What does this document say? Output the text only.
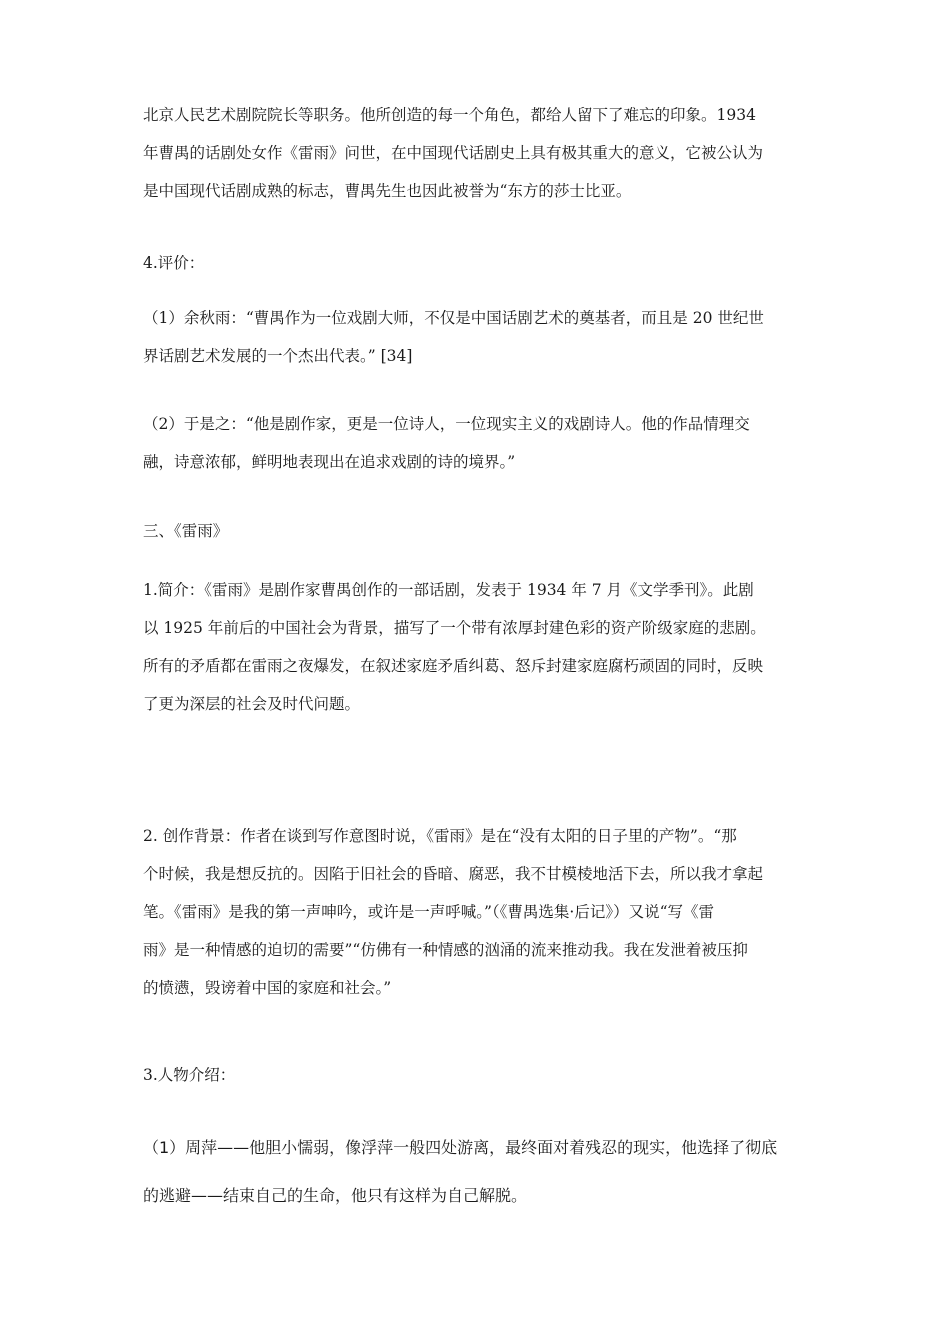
北京人民艺术剧院院长等职务。他所创造的每一个角色，都给人留下了难忘的印象。1934
年曹禺的话剧处女作《雷雨》问世，在中国现代话剧史上具有极其重大的意义，它被公认为
是中国现代话剧成熟的标志，曹禺先生也因此被誉为“东方的莎士比亚。

4.评价：

（1）余秋雨：“曹禺作为一位戏剧大师，不仅是中国话剧艺术的奠基者，而且是 20 世纪世
界话剧艺术发展的一个杰出代表。” [34]

（2）于是之：“他是剧作家，更是一位诗人，一位现实主义的戏剧诗人。他的作品情理交
融，诗意浓郁，鲜明地表现出在追求戏剧的诗的境界。”

三、《雷雨》

1.简介：《雷雨》是剧作家曹禺创作的一部话剧，发表于 1934 年 7 月《文学季刊》。此剧
以 1925 年前后的中国社会为背景，描写了一个带有浓厚封建色彩的资产阶级家庭的悲剧。
所有的矛盾都在雷雨之夜爆发，在叙述家庭矛盾纠葛、怒斥封建家庭腐朽顽固的同时，反映
了更为深层的社会及时代问题。

2. 创作背景：作者在谈到写作意图时说，《雷雨》是在“没有太阳的日子里的产物”。“那
个时候，我是想反抗的。因陷于旧社会的昏暗、腐恶，我不甘模棱地活下去，所以我才拿起
笔。《雷雨》是我的第一声呻吟，或许是一声呼喊。”（《曹禺选集·后记》）又说“写《雷
雨》是一种情感的迫切的需要”“仿佛有一种情感的汹涌的流来推动我。我在发泄着被压抑
的愤懑，毁谤着中国的家庭和社会。”

3.人物介绍：

（1）周萍——他胆小懦弱，像浮萍一般四处游离，最终面对着残忍的现实，他选择了彻底
的逃避——结束自己的生命，他只有这样为自己解脱。
